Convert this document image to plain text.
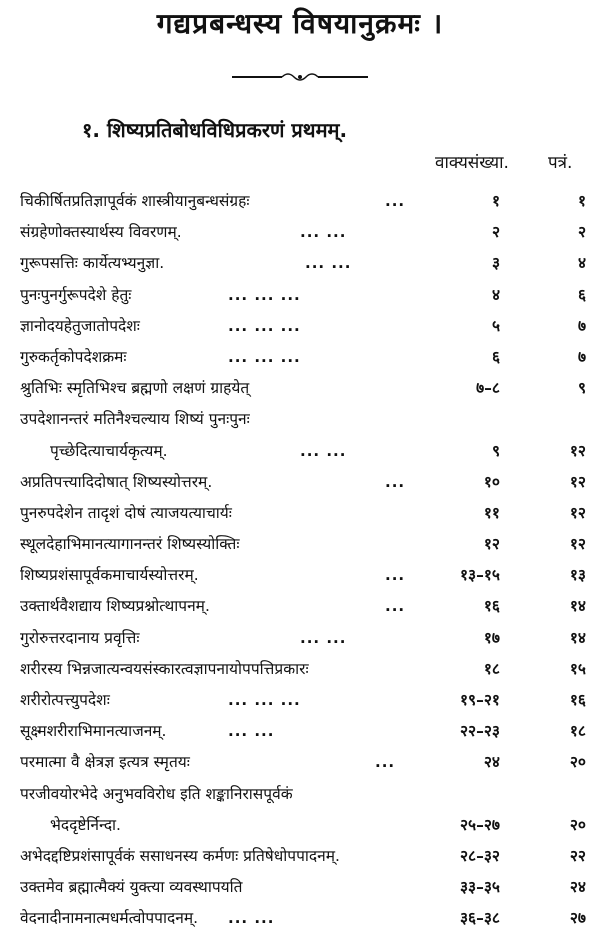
गद्यप्रबन्धस्य विषयानुक्रमः ।
१. शिष्यप्रतिबोधविधिप्रकरणं प्रथमम्.
वाक्यसंख्या. पत्रं.
चिकीर्षितप्रतिज्ञापूर्वकं शास्त्रीयानुबन्धसंग्रहः	...	१	१
संग्रहेणोक्तस्यार्थस्य विवरणम्.	... ...	२	२
गुरूपसत्तिः कार्येत्यभ्यनुज्ञा.	... ...	३	४
पुनःपुनर्गुरूपदेशे हेतुः	... ... ...	४	६
ज्ञानोदयहेतुजातोपदेशः	... ... ...	५	७
गुरुकर्तृकोपदेशक्रमः	... ... ...	६	७
श्रुतिभिः स्मृतिभिश्च ब्रह्मणो लक्षणं ग्राहयेत्	७–८	९
उपदेशानन्तरं मतिनैश्चल्याय शिष्यं पुनःपुनः
पृच्छेदित्याचार्यकृत्यम्.	... ...	९	१२
अप्रतिपत्त्यादिदोषात् शिष्यस्योत्तरम्.	...	१०	१२
पुनरुपदेशेन तादृशं दोषं त्याजयत्याचार्यः	११	१२
स्थूलदेहाभिमानत्यागानन्तरं शिष्यस्योक्तिः	१२	१२
शिष्यप्रशंसापूर्वकमाचार्यस्योत्तरम्.	...	१३–१५	१३
उक्तार्थवैशद्याय शिष्यप्रश्नोत्थापनम्.	...	१६	१४
गुरोरुत्तरदानाय प्रवृत्तिः	... ...	१७	१४
शरीरस्य भिन्नजात्यन्वयसंस्कारत्वज्ञापनायोपपत्तिप्रकारः	१८	१५
शरीरोत्पत्त्युपदेशः	... ... ...	१९–२१	१६
सूक्ष्मशरीराभिमानत्याजनम्.	... ...	२२–२३	१८
परमात्मा वै क्षेत्रज्ञ इत्यत्र स्मृतयः	...	२४	२०
परजीवयोरभेदे अनुभवविरोध इति शङ्कानिरासपूर्वकं
भेददृष्टेर्निन्दा.	२५–२७	२०
अभेदद्दष्टिप्रशंसापूर्वकं ससाधनस्य कर्मणः प्रतिषेधोपपादनम्.	२८–३२	२२
उक्तमेव ब्रह्मात्मैक्यं युक्त्या व्यवस्थापयति	३३–३५	२४
वेदनादीनामनात्मधर्मत्वोपपादनम्. ... ...	३६–३८	२७
